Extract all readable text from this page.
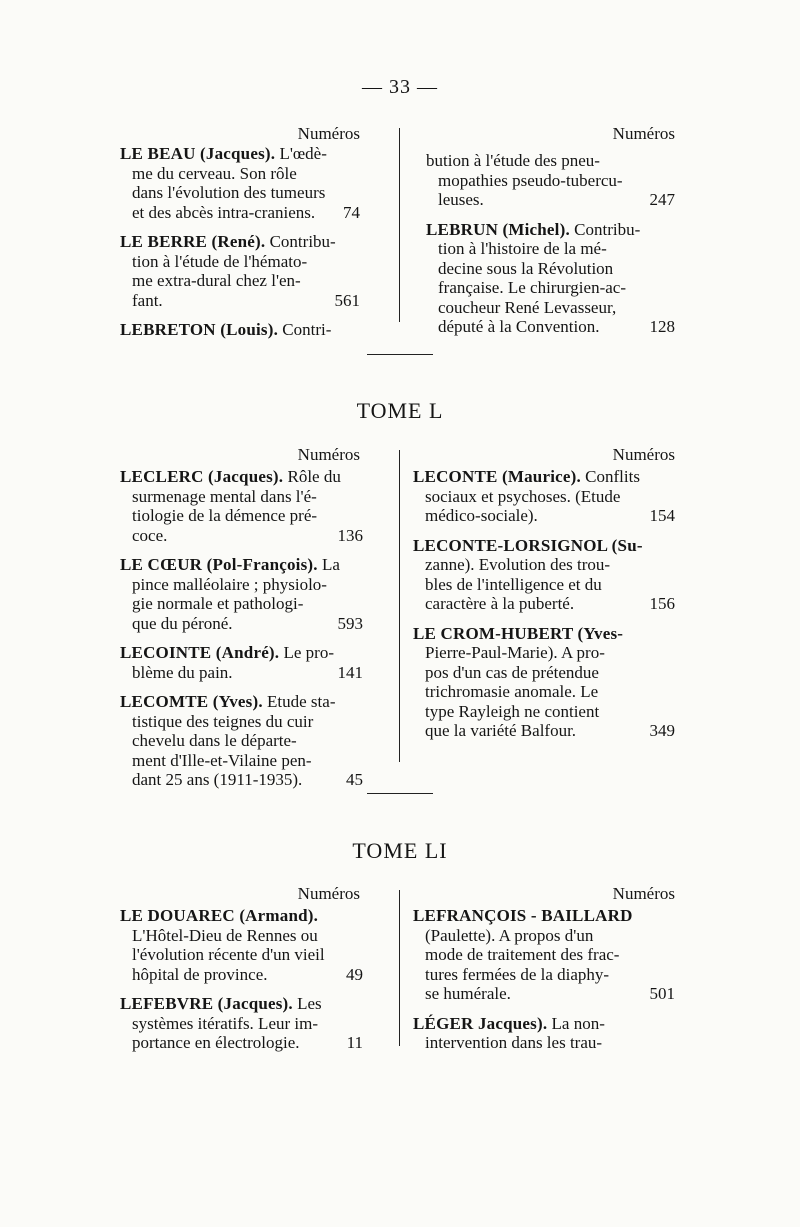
— 33 —
Numéros	Numéros
LE BEAU (Jacques). L'œdè-
me du cerveau. Son rôle
dans l'évolution des tumeurs
et des abcès intra-craniens.	74
LE BERRE (René). Contribu-
tion à l'étude de l'hémato-
me extra-dural chez l'en-
fant.	561
LEBRETON (Louis). Contri-
bution à l'étude des pneu-
mopathies pseudo-tubercu-
leuses.	247
LEBRUN (Michel). Contribu-
tion à l'histoire de la mé-
decine sous la Révolution
française. Le chirurgien-ac-
coucheur René Levasseur,
député à la Convention.	128
TOME L
Numéros	Numéros
LECLERC (Jacques). Rôle du
surmenage mental dans l'é-
tiologie de la démence pré-
coce.	136
LE CŒUR (Pol-François). La
pince malléolaire ; physiolo-
gie normale et pathologi-
que du péroné.	593
LECOINTE (André). Le pro-
blème du pain.	141
LECOMTE (Yves). Etude sta-
tistique des teignes du cuir
chevelu dans le départe-
ment d'Ille-et-Vilaine pen-
dant 25 ans (1911-1935).	45
LECONTE (Maurice). Conflits
sociaux et psychoses. (Etude
médico-sociale).	154
LECONTE-LORSIGNOL (Su-
zanne). Evolution des trou-
bles de l'intelligence et du
caractère à la puberté.	156
LE CROM-HUBERT (Yves-
Pierre-Paul-Marie). A pro-
pos d'un cas de prétendue
trichromasie anomale. Le
type Rayleigh ne contient
que la variété Balfour.	349
TOME LI
Numéros	Numéros
LE DOUAREC (Armand).
L'Hôtel-Dieu de Rennes ou
l'évolution récente d'un vieil
hôpital de province.	49
LEFEBVRE (Jacques). Les
systèmes itératifs. Leur im-
portance en électrologie.	11
LEFRANÇOIS - BAILLARD
(Paulette). A propos d'un
mode de traitement des frac-
tures fermées de la diaphy-
se humérale.	501
LÉGER Jacques). La non-
intervention dans les trau-
